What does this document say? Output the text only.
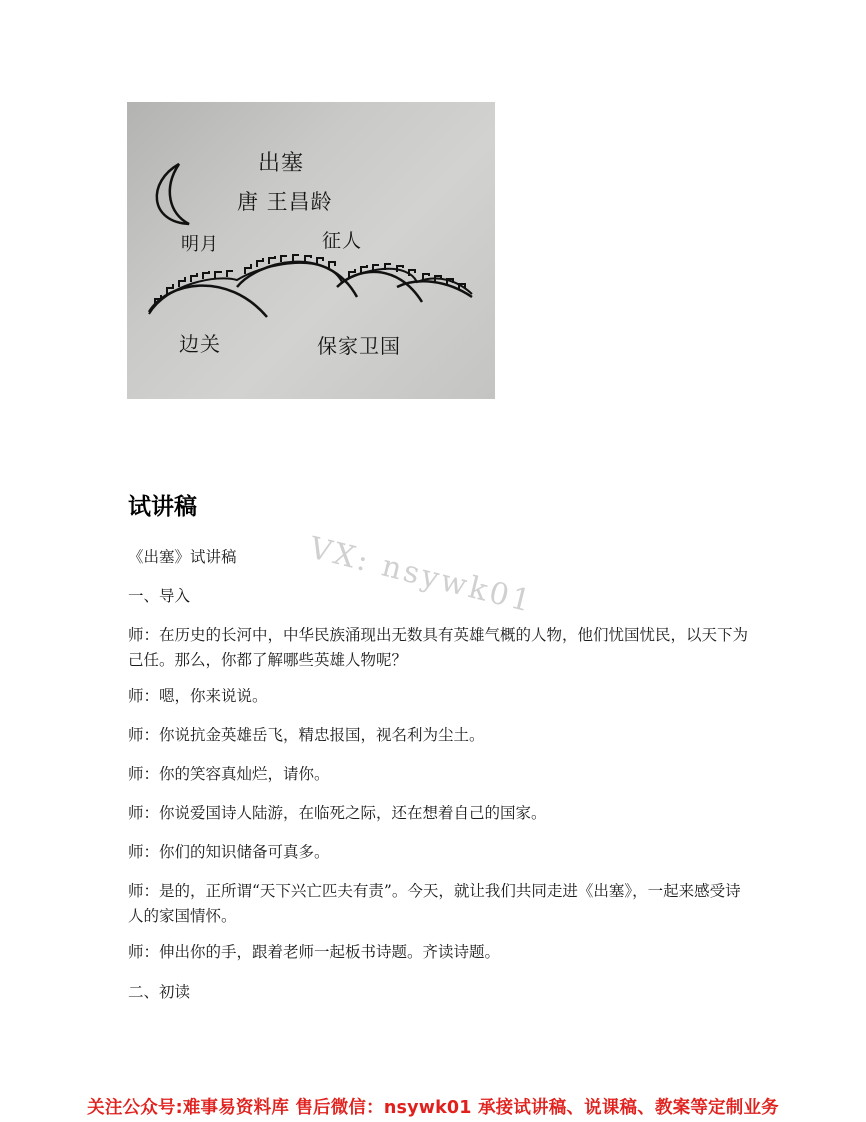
出塞
唐 王昌龄
明月	征人
边关	保家卫国
VX: nsywk01
试讲稿

《出塞》试讲稿

一、导入

师：在历史的长河中，中华民族涌现出无数具有英雄气概的人物，他们忧国忧民，以天下为己任。那么，你都了解哪些英雄人物呢？

师：嗯，你来说说。

师：你说抗金英雄岳飞，精忠报国，视名利为尘土。

师：你的笑容真灿烂，请你。

师：你说爱国诗人陆游，在临死之际，还在想着自己的国家。

师：你们的知识储备可真多。

师：是的，正所谓“天下兴亡匹夫有责”。今天，就让我们共同走进《出塞》，一起来感受诗人的家国情怀。

师：伸出你的手，跟着老师一起板书诗题。齐读诗题。

二、初读

关注公众号:难事易资料库 售后微信：nsywk01 承接试讲稿、说课稿、教案等定制业务
